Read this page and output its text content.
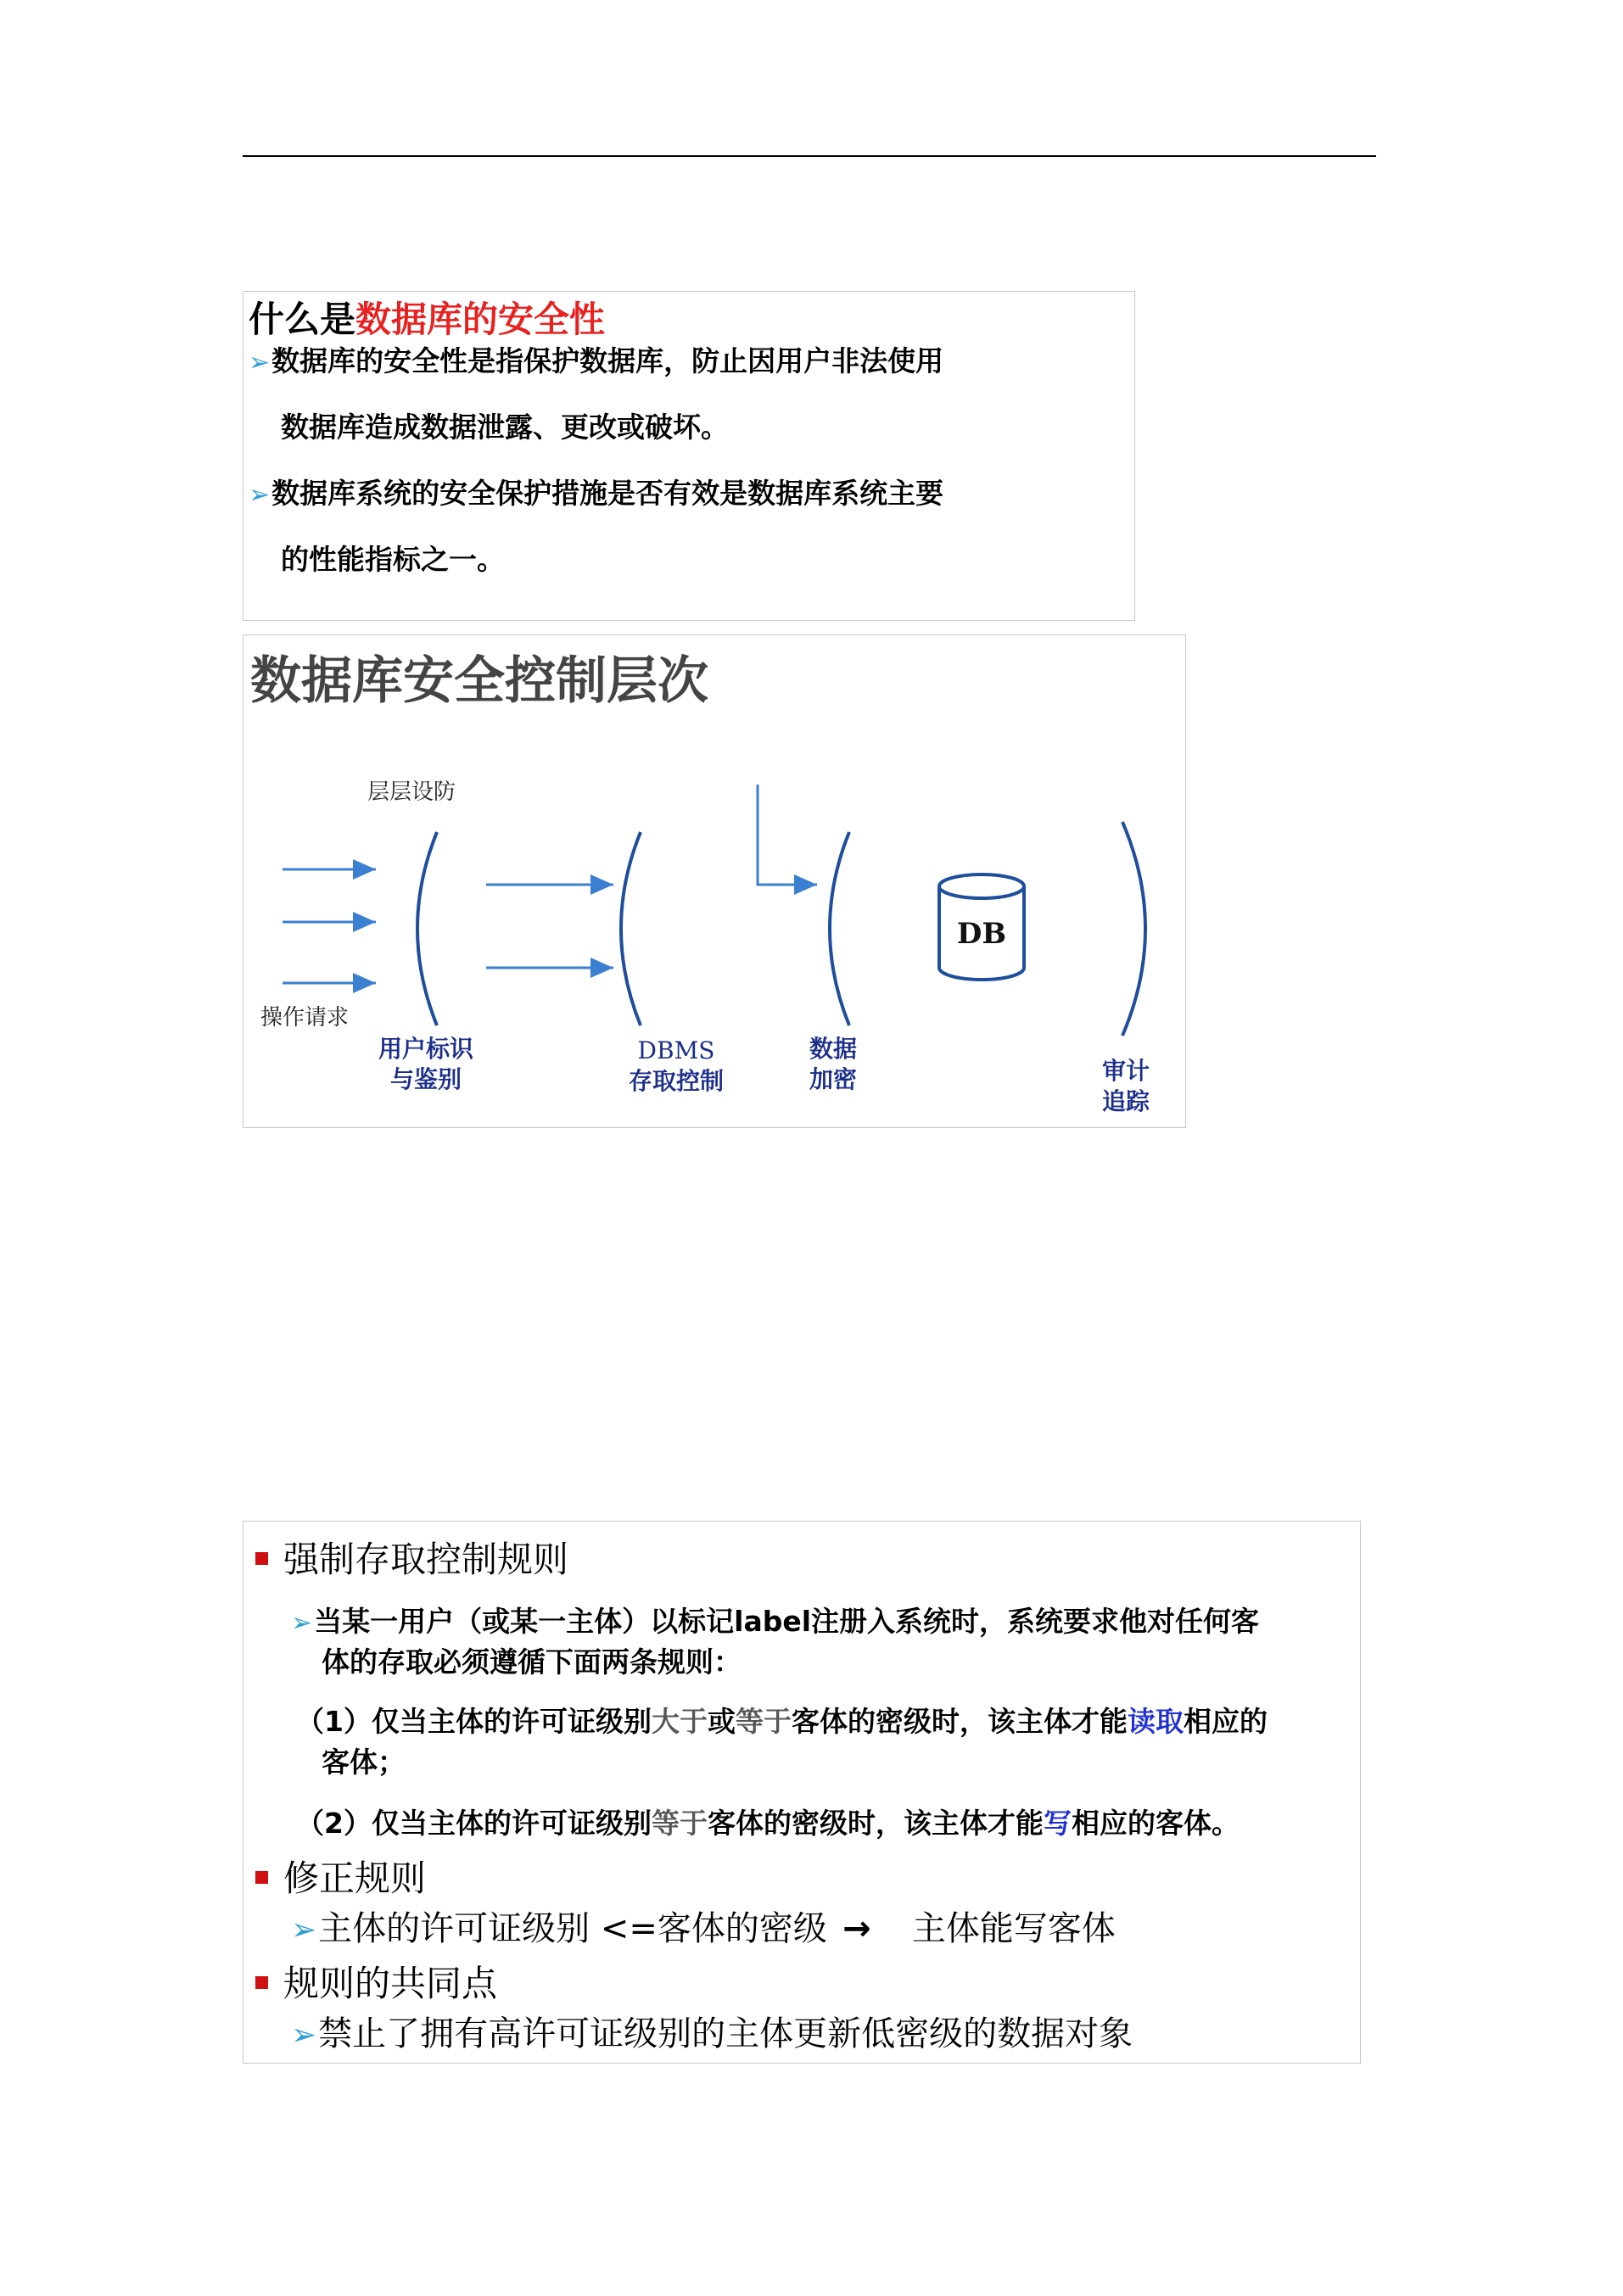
什么是数据库的安全性
➢数据库的安全性是指保护数据库，防止因用户非法使用
数据库造成数据泄露、更改或破坏。
➢数据库系统的安全保护措施是否有效是数据库系统主要
的性能指标之一。
数据库安全控制层次
DB
层层设防
操作请求
用户标识
与鉴别
DBMS
存取控制
数据
加密	审计
追踪
强制存取控制规则
➢当某一用户（或某一主体）以标记label注册入系统时，系统要求他对任何客
体的存取必须遵循下面两条规则：
（1）仅当主体的许可证级别大于或等于客体的密级时，该主体才能读取相应的
客体；
（2）仅当主体的许可证级别等于客体的密级时，该主体才能写相应的客体。
修正规则
➢主体的许可证级别 <=客体的密级 → 主体能写客体
规则的共同点
➢禁止了拥有高许可证级别的主体更新低密级的数据对象
